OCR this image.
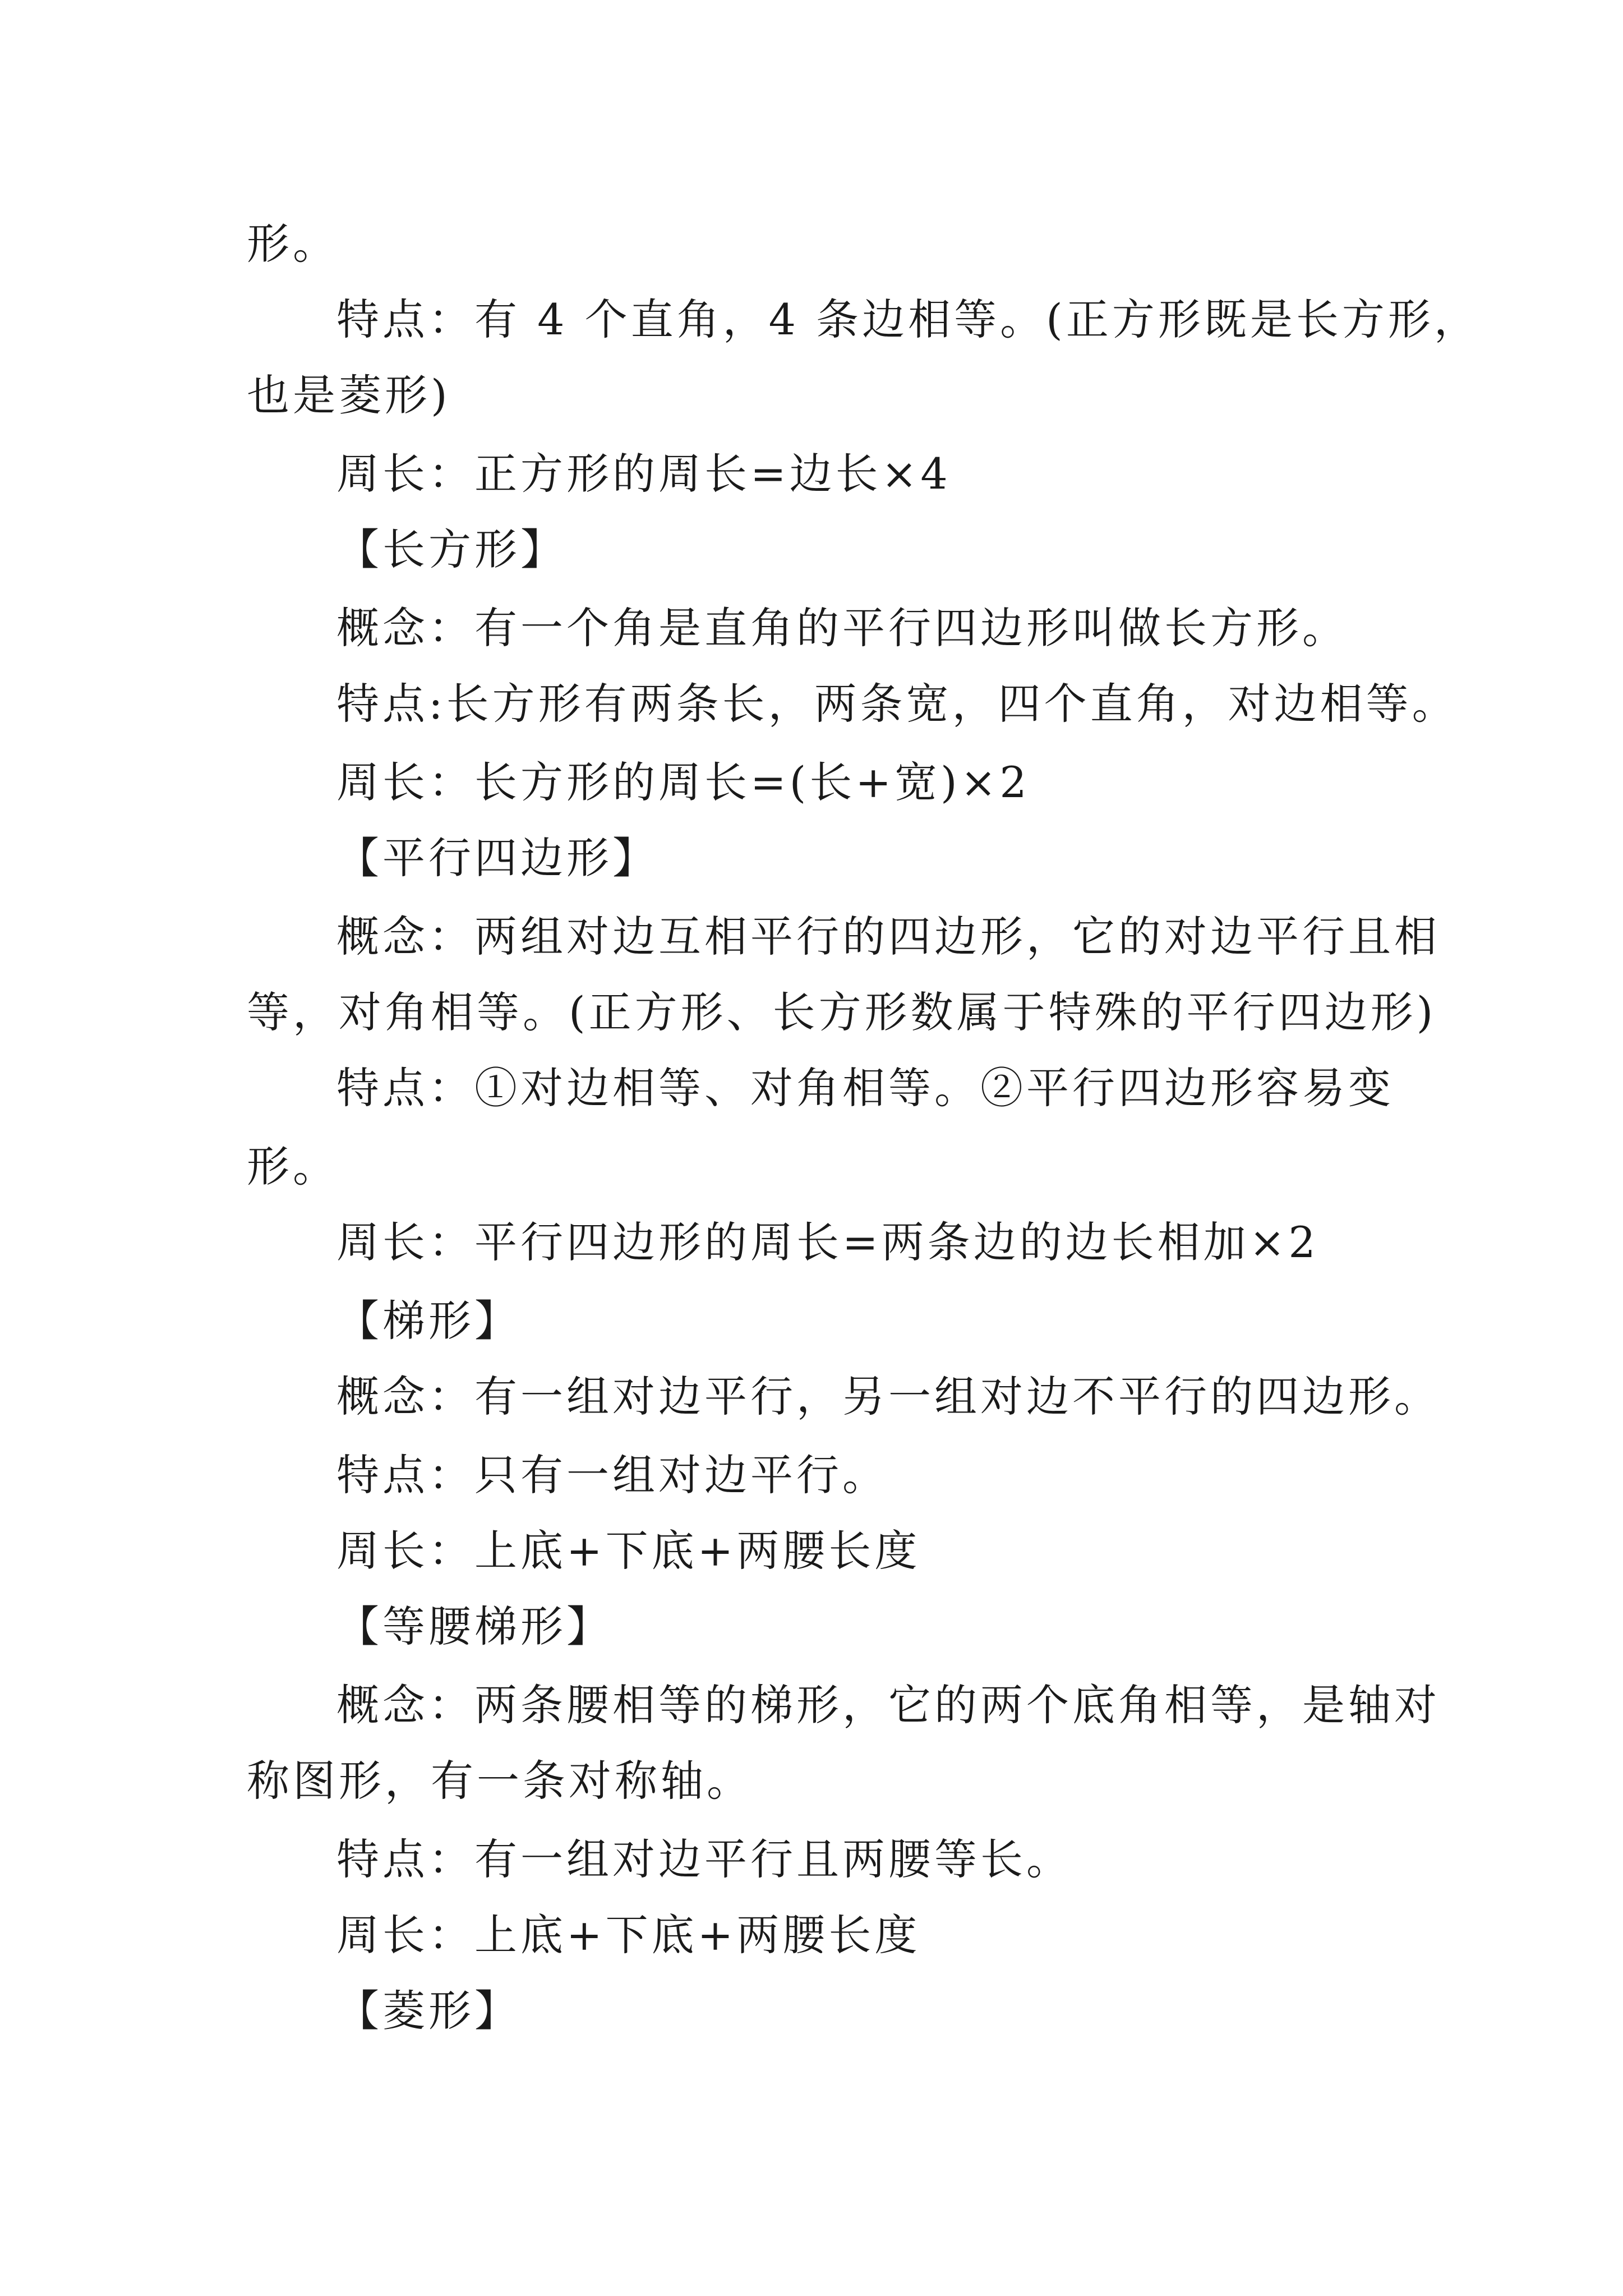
形。
特点：有 4 个直角，4 条边相等。(正方形既是长方形，
也是菱形)
周长：正方形的周长=边长×4
【长方形】
概念：有一个角是直角的平行四边形叫做长方形。
特点:长方形有两条长，两条宽，四个直角，对边相等。
周长：长方形的周长=(长+宽)×2
【平行四边形】
概念：两组对边互相平行的四边形，它的对边平行且相
等，对角相等。(正方形、长方形数属于特殊的平行四边形)
特点：①对边相等、对角相等。②平行四边形容易变
形。
周长：平行四边形的周长=两条边的边长相加×2
【梯形】
概念：有一组对边平行，另一组对边不平行的四边形。
特点：只有一组对边平行。
周长：上底+下底+两腰长度
【等腰梯形】
概念：两条腰相等的梯形，它的两个底角相等，是轴对
称图形，有一条对称轴。
特点：有一组对边平行且两腰等长。
周长：上底+下底+两腰长度
【菱形】
